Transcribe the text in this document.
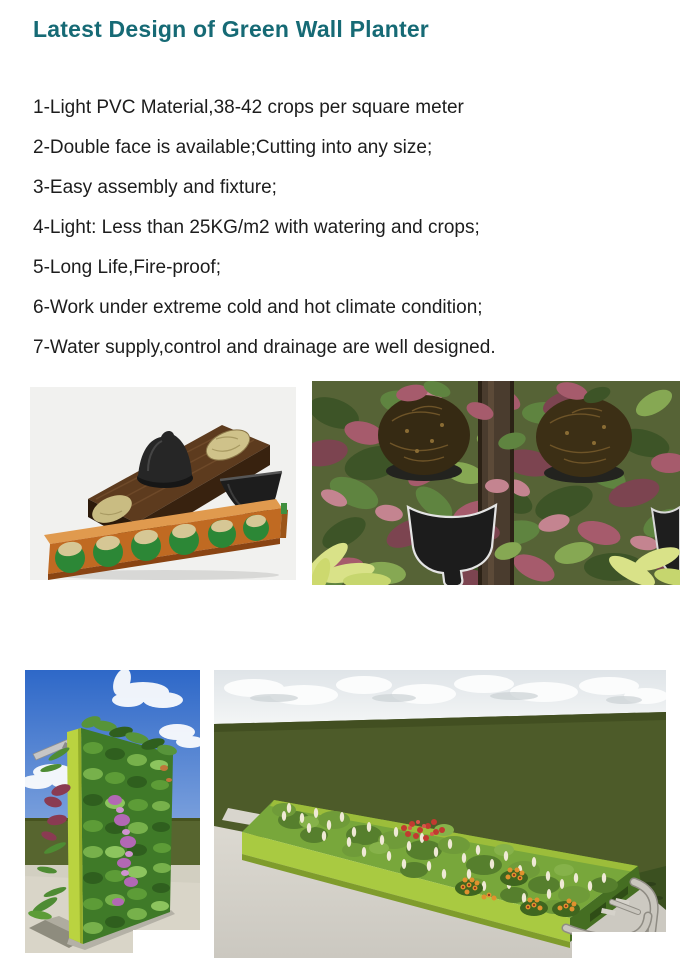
Latest Design of Green Wall Planter
1-Light PVC Material,38-42 crops per square meter
2-Double face is available;Cutting into any size;
3-Easy assembly and fixture;
4-Light: Less than 25KG/m2 with watering and crops;
5-Long Life,Fire-proof;
6-Work under extreme cold and hot climate condition;
7-Water supply,control and drainage are well designed.
